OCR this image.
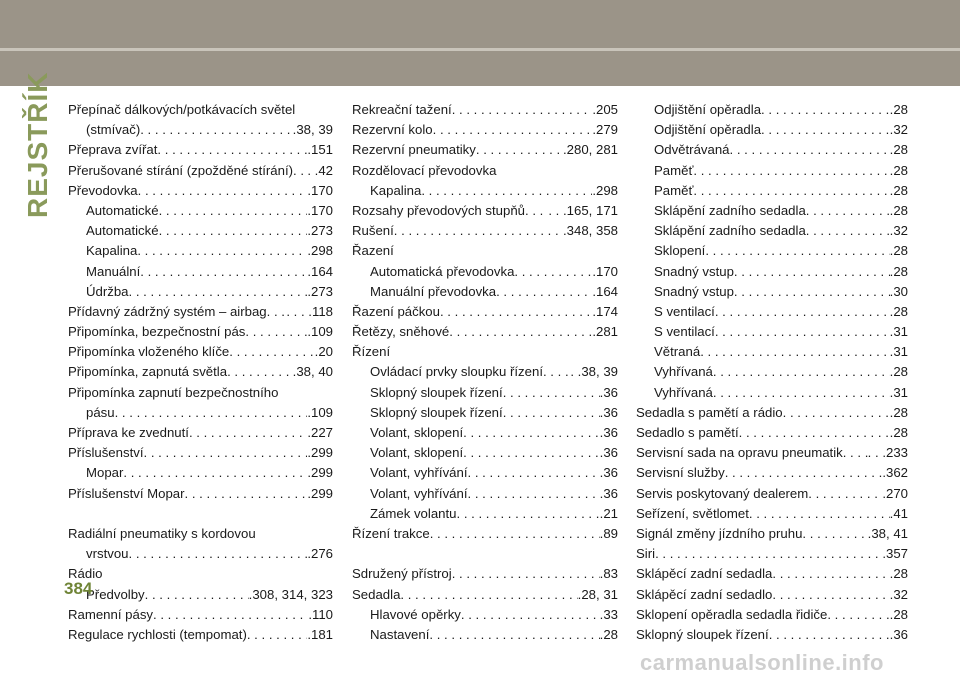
REJSTŘÍK Přepínač dálkových/potkávacích světel
(stmívač) . . .	.38, 39
Přeprava zvířat . . .	.151
Přerušované stírání (zpožděné stírání) . . . . .42
Převodovka . . .	.170
Automatické . . .	.170
Automatické . . .	.273
Kapalina . . .	.298
Manuální . . .	.164
Údržba . . .	.273
Přídavný zádržný systém – airbag . . . . . . .118
Připomínka, bezpečnostní pás . . .	.109
Připomínka vloženého klíče . . .	.20
Připomínka, zapnutá světla . . .	.38, 40
Připomínka zapnutí bezpečnostního
pásu . . .	.109
Příprava ke zvednutí . . .	.227
Příslušenství . . .	.299
Mopar . . .	.299
Příslušenství Mopar . . .	.299
Radiální pneumatiky s kordovou
vrstvou . . .	.276
Rádio
Předvolby . . .	.308, 314, 323
Ramenní pásy . . .	.110
Regulace rychlosti (tempomat) . . .	.181
Rekreační tažení . . .	.205
Rezervní kolo . . .	.279
Rezervní pneumatiky . . .	.280, 281
Rozdělovací převodovka
Kapalina . . .	.298
Rozsahy převodových stupňů . . . . . .165, 171
Rušení . . .	.348, 358
Řazení
Automatická převodovka . . .	.170
Manuální převodovka . . .	.164
Řazení páčkou . . .	.174
Řetězy, sněhové . . .	.281
Řízení
Ovládací prvky sloupku řízení . . . . .38, 39
Sklopný sloupek řízení . . .	.36
Sklopný sloupek řízení . . .	.36
Volant, sklopení . . .	.36
Volant, sklopení . . .	.36
Volant, vyhřívání . . .	.36
Volant, vyhřívání . . .	.36
Zámek volantu . . .	.21
Řízení trakce . . .	.89
Sdružený přístroj . . .	.83
Sedadla . . .	.28, 31
Hlavové opěrky . . .	.33
Nastavení . . .	.28
Odjištění opěradla . . .	.28
Odjištění opěradla . . .	.32
Odvětrávaná . . .	.28
Paměť . . .	.28
Paměť . . .	.28
Sklápění zadního sedadla . . .	.28
Sklápění zadního sedadla . . .	.32
Sklopení . . .	.28
Snadný vstup . . .	.28
Snadný vstup . . .	.30
S ventilací . . .	.28
S ventilací . . .	.31
Větraná . . .	.31
Vyhřívaná . . .	.28
Vyhřívaná . . .	.31
Sedadla s pamětí a rádio . . .	.28
Sedadlo s pamětí . . .	.28
Servisní sada na opravu pneumatik . . . . . .233
Servisní služby . . .	.362
Servis poskytovaný dealerem . . .	.270
Seřízení, světlomet . . .	.41
Signál změny jízdního pruhu . . .	.38, 41
Siri . . .	.357
Sklápěcí zadní sedadla . . .	.28
Sklápěcí zadní sedadlo . . .	.32
Sklopení opěradla sedadla řidiče . . .	.28
Sklopný sloupek řízení . . .	.36
384
carmanualsonline.info
